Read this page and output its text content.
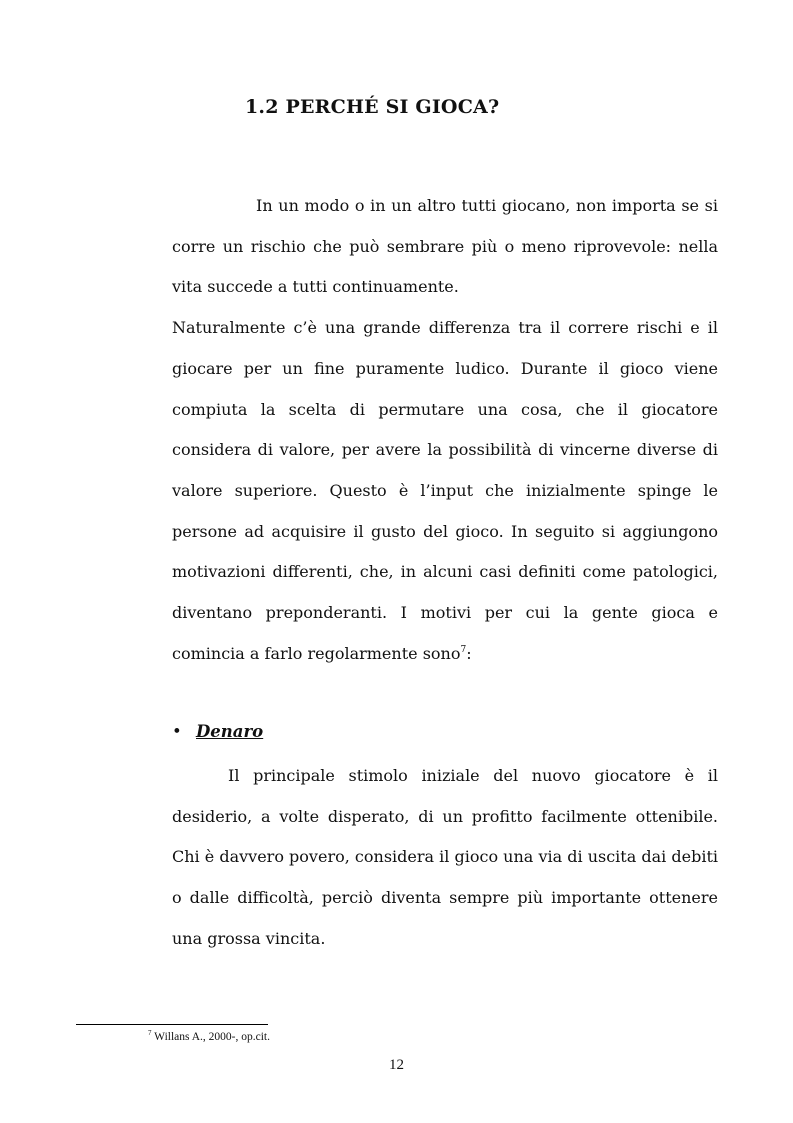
1.2 PERCHÉ SI GIOCA?

In un modo o in un altro tutti giocano, non importa se si corre un rischio che può sembrare più o meno riprovevole: nella vita succede a tutti continuamente.

Naturalmente c’è una grande differenza tra il correre rischi e il giocare per un fine puramente ludico. Durante il gioco viene compiuta la scelta di permutare una cosa, che il giocatore considera di valore, per avere la possibilità di vincerne diverse di valore superiore. Questo è l’input che inizialmente spinge le persone ad acquisire il gusto del gioco. In seguito si aggiungono motivazioni differenti, che, in alcuni casi definiti come patologici, diventano preponderanti. I motivi per cui la gente gioca e comincia a farlo regolarmente sono$^7$:

• Denaro

Il principale stimolo iniziale del nuovo giocatore è il desiderio, a volte disperato, di un profitto facilmente ottenibile. Chi è davvero povero, considera il gioco una via di uscita dai debiti o dalle difficoltà, perciò diventa sempre più importante ottenere una grossa vincita.

$^7$ Willans A., 2000-, op.cit.
12
